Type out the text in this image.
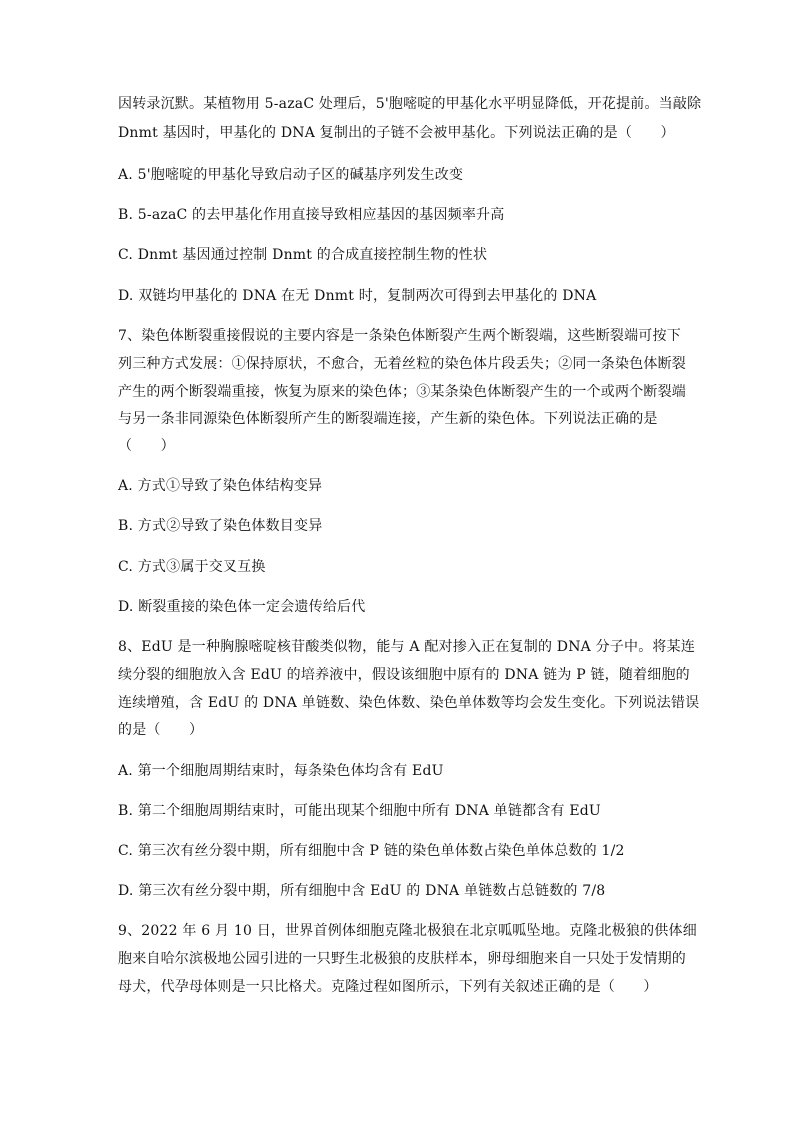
因转录沉默。某植物用 5-azaC 处理后，5'胞嘧啶的甲基化水平明显降低，开花提前。当敲除
Dnmt 基因时，甲基化的 DNA 复制出的子链不会被甲基化。下列说法正确的是（　　）
A. 5'胞嘧啶的甲基化导致启动子区的碱基序列发生改变
B. 5-azaC 的去甲基化作用直接导致相应基因的基因频率升高
C. Dnmt 基因通过控制 Dnmt 的合成直接控制生物的性状
D. 双链均甲基化的 DNA 在无 Dnmt 时，复制两次可得到去甲基化的 DNA
7、染色体断裂重接假说的主要内容是一条染色体断裂产生两个断裂端，这些断裂端可按下
列三种方式发展：①保持原状，不愈合，无着丝粒的染色体片段丢失；②同一条染色体断裂
产生的两个断裂端重接，恢复为原来的染色体；③某条染色体断裂产生的一个或两个断裂端
与另一条非同源染色体断裂所产生的断裂端连接，产生新的染色体。下列说法正确的是
（　　）
A. 方式①导致了染色体结构变异
B. 方式②导致了染色体数目变异
C. 方式③属于交叉互换
D. 断裂重接的染色体一定会遗传给后代
8、EdU 是一种胸腺嘧啶核苷酸类似物，能与 A 配对掺入正在复制的 DNA 分子中。将某连
续分裂的细胞放入含 EdU 的培养液中，假设该细胞中原有的 DNA 链为 P 链，随着细胞的
连续增殖，含 EdU 的 DNA 单链数、染色体数、染色单体数等均会发生变化。下列说法错误
的是（　　）
A. 第一个细胞周期结束时，每条染色体均含有 EdU
B. 第二个细胞周期结束时，可能出现某个细胞中所有 DNA 单链都含有 EdU
C. 第三次有丝分裂中期，所有细胞中含 P 链的染色单体数占染色单体总数的 1/2
D. 第三次有丝分裂中期，所有细胞中含 EdU 的 DNA 单链数占总链数的 7/8
9、2022 年 6 月 10 日，世界首例体细胞克隆北极狼在北京呱呱坠地。克隆北极狼的供体细
胞来自哈尔滨极地公园引进的一只野生北极狼的皮肤样本，卵母细胞来自一只处于发情期的
母犬，代孕母体则是一只比格犬。克隆过程如图所示，下列有关叙述正确的是（　　）
